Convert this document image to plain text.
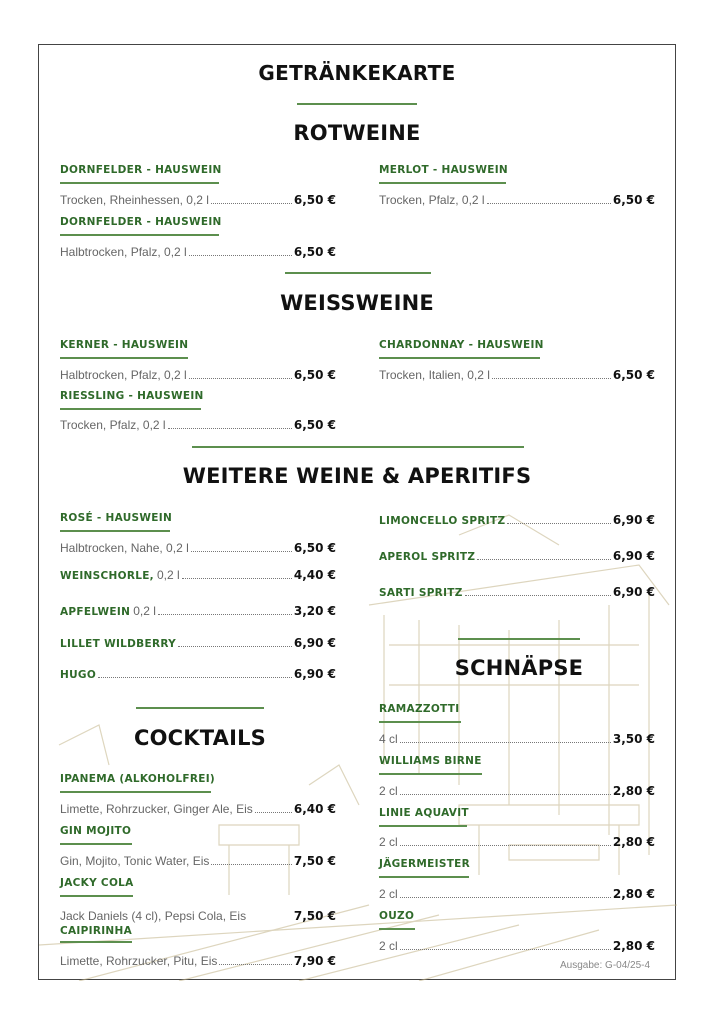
GETRÄNKEKARTE
ROTWEINE
DORNFELDER - HAUSWEIN
Trocken, Rheinhessen, 0,2 l	6,50 €
MERLOT - HAUSWEIN
Trocken, Pfalz, 0,2 l	6,50 €
DORNFELDER - HAUSWEIN
Halbtrocken, Pfalz, 0,2 l	6,50 €
WEISSWEINE
KERNER - HAUSWEIN
Halbtrocken, Pfalz, 0,2 l	6,50 €
CHARDONNAY - HAUSWEIN
Trocken, Italien, 0,2 l	6,50 €
RIESSLING - HAUSWEIN
Trocken, Pfalz, 0,2 l	6,50 €
WEITERE WEINE & APERITIFS
ROSÉ - HAUSWEIN
Halbtrocken, Nahe, 0,2 l	6,50 €
WEINSCHORLE, 0,2 l	4,40 €
APFELWEIN 0,2 l	3,20 €
LILLET WILDBERRY	6,90 €
HUGO	6,90 €
LIMONCELLO SPRITZ	6,90 €
APEROL SPRITZ	6,90 €
SARTI SPRITZ	6,90 €
SCHNÄPSE
RAMAZZOTTI
4 cl	3,50 €
WILLIAMS BIRNE
2 cl	2,80 €
LINIE AQUAVIT
2 cl	2,80 €
JÄGERMEISTER
2 cl	2,80 €
OUZO
2 cl	2,80 €
COCKTAILS
IPANEMA (ALKOHOLFREI)
Limette, Rohrzucker, Ginger Ale, Eis	6,40 €
GIN MOJITO
Gin, Mojito, Tonic Water, Eis	7,50 €
JACKY COLA
Jack Daniels (4 cl), Pepsi Cola, Eis	7,50 €
CAIPIRINHA
Limette, Rohrzucker, Pitu, Eis	7,90 €	Ausgabe: G-04/25-4
